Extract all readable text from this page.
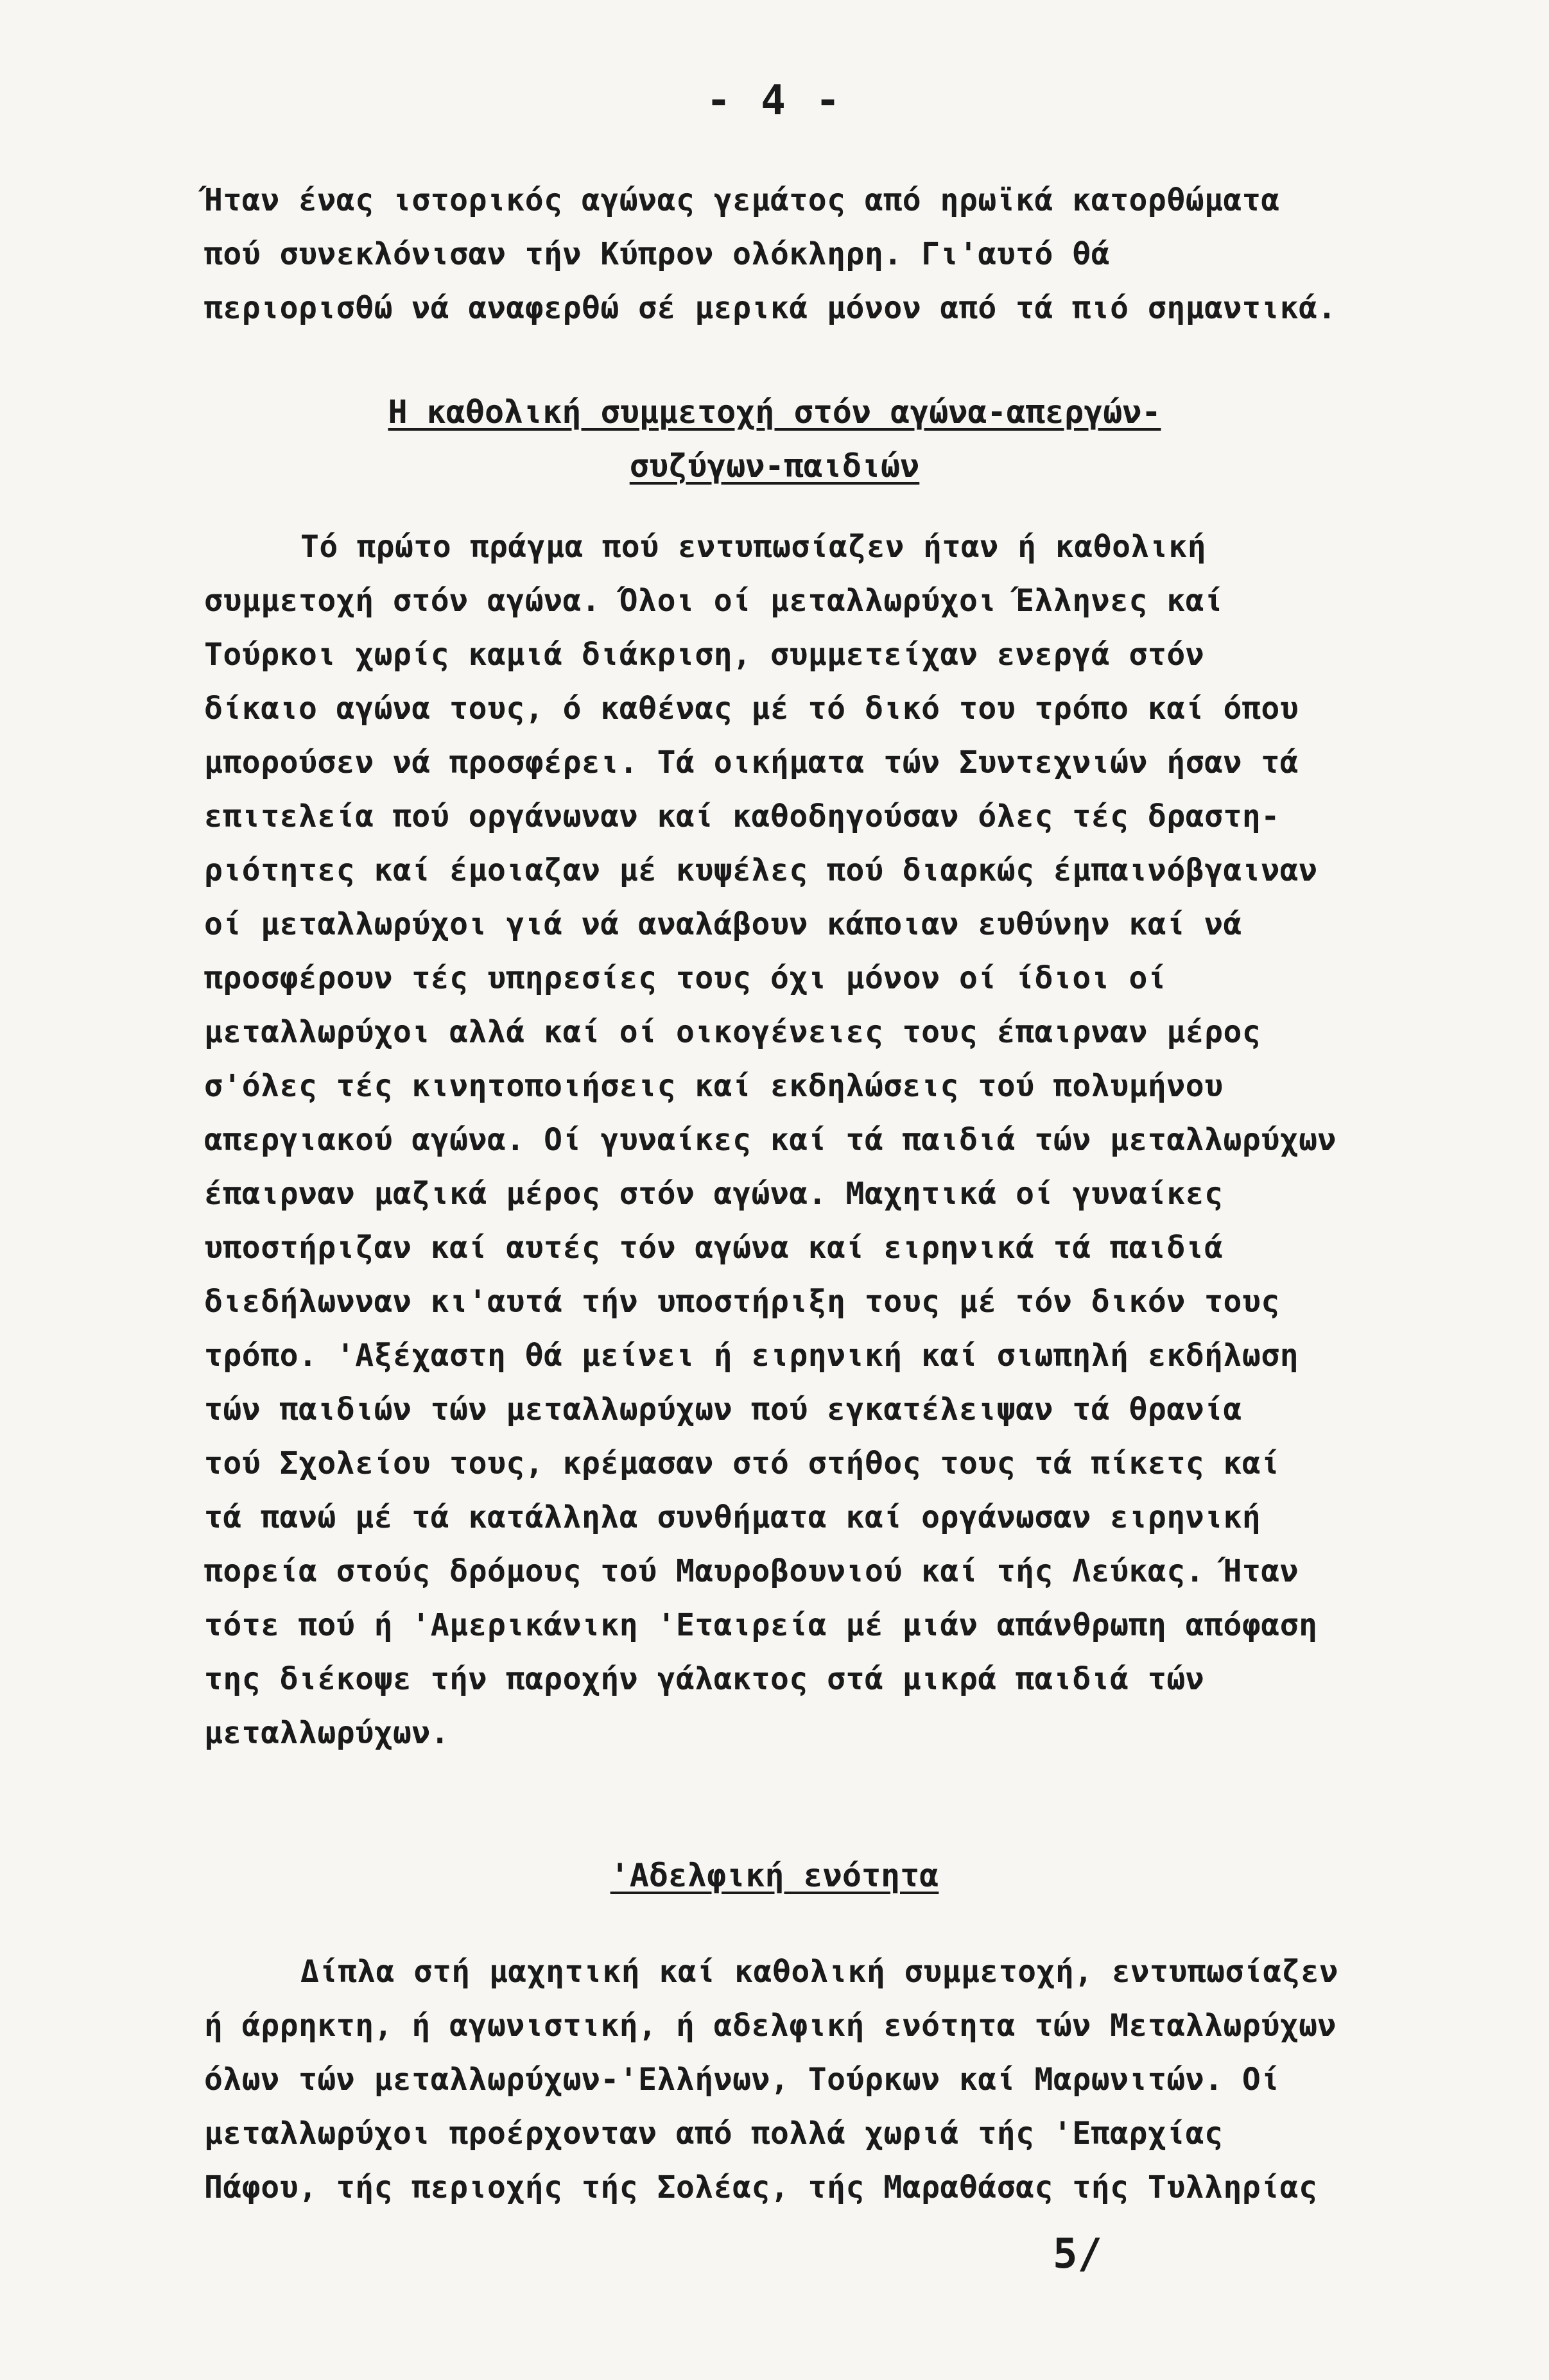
- 4 -
Ήταν ένας ιστορικός αγώνας γεμάτος από ηρωϊκά κατορθώματα
πού συνεκλόνισαν τήν Κύπρον ολόκληρη. Γι'αυτό θά
περιορισθώ νά αναφερθώ σέ μερικά μόνον από τά πιό σημαντικά.
Η καθολική συμμετοχή στόν αγώνα-απεργών-
συζύγων-παιδιών
Τό πρώτο πράγμα πού εντυπωσίαζεν ήταν ή καθολική
συμμετοχή στόν αγώνα. Όλοι οί μεταλλωρύχοι Έλληνες καί
Τούρκοι χωρίς καμιά διάκριση, συμμετείχαν ενεργά στόν
δίκαιο αγώνα τους, ό καθένας μέ τό δικό του τρόπο καί όπου
μπορούσεν νά προσφέρει. Τά οικήματα τών Συντεχνιών ήσαν τά
επιτελεία πού οργάνωναν καί καθοδηγούσαν όλες τές δραστη-
ριότητες καί έμοιαζαν μέ κυψέλες πού διαρκώς έμπαινόβγαιναν
οί μεταλλωρύχοι γιά νά αναλάβουν κάποιαν ευθύνην καί νά
προσφέρουν τές υπηρεσίες τους όχι μόνον οί ίδιοι οί
μεταλλωρύχοι αλλά καί οί οικογένειες τους έπαιρναν μέρος
σ'όλες τές κινητοποιήσεις καί εκδηλώσεις τού πολυμήνου
απεργιακού αγώνα. Οί γυναίκες καί τά παιδιά τών μεταλλωρύχων
έπαιρναν μαζικά μέρος στόν αγώνα. Μαχητικά οί γυναίκες
υποστήριζαν καί αυτές τόν αγώνα καί ειρηνικά τά παιδιά
διεδήλωνναν κι'αυτά τήν υποστήριξη τους μέ τόν δικόν τους
τρόπο. 'Αξέχαστη θά μείνει ή ειρηνική καί σιωπηλή εκδήλωση
τών παιδιών τών μεταλλωρύχων πού εγκατέλειψαν τά θρανία
τού Σχολείου τους, κρέμασαν στό στήθος τους τά πίκετς καί
τά πανώ μέ τά κατάλληλα συνθήματα καί οργάνωσαν ειρηνική
πορεία στούς δρόμους τού Μαυροβουνιού καί τής Λεύκας. Ήταν
τότε πού ή 'Αμερικάνικη 'Εταιρεία μέ μιάν απάνθρωπη απόφαση
της διέκοψε τήν παροχήν γάλακτος στά μικρά παιδιά τών
μεταλλωρύχων.
'Αδελφική ενότητα
Δίπλα στή μαχητική καί καθολική συμμετοχή, εντυπωσίαζεν
ή άρρηκτη, ή αγωνιστική, ή αδελφική ενότητα τών Μεταλλωρύχων
όλων τών μεταλλωρύχων-'Ελλήνων, Τούρκων καί Μαρωνιτών. Οί
μεταλλωρύχοι προέρχονταν από πολλά χωριά τής 'Επαρχίας
Πάφου, τής περιοχής τής Σολέας, τής Μαραθάσας τής Τυλληρίας
5/
